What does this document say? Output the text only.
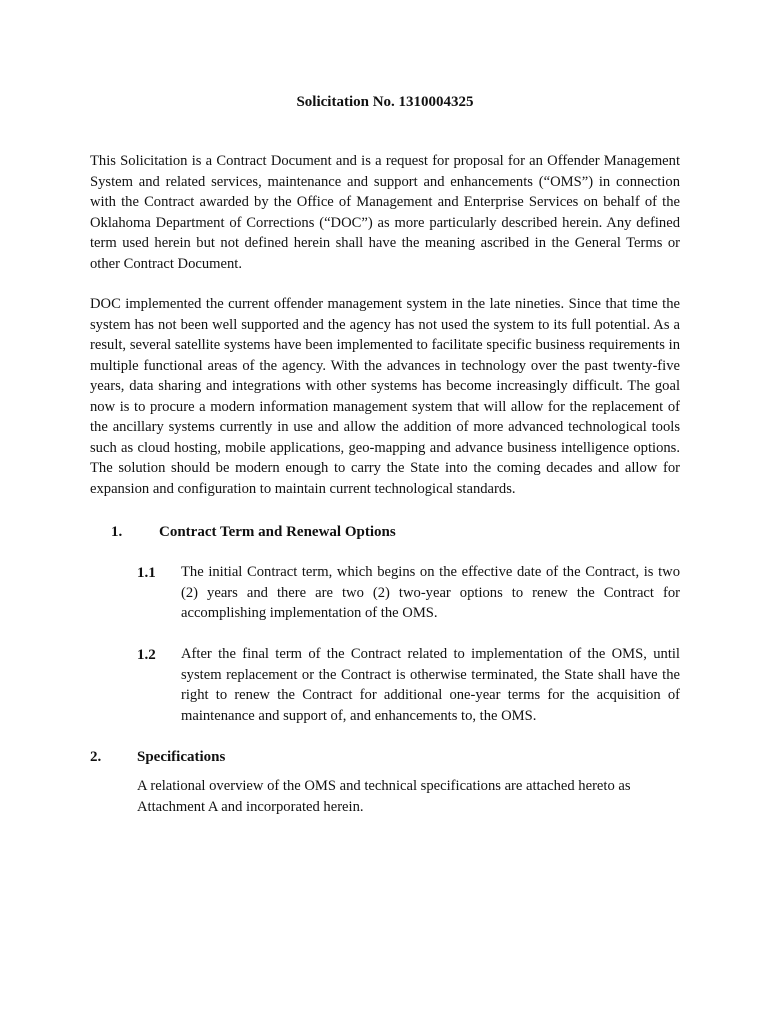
Solicitation No. 1310004325

This Solicitation is a Contract Document and is a request for proposal for an Offender Management System and related services, maintenance and support and enhancements (“OMS”) in connection with the Contract awarded by the Office of Management and Enterprise Services on behalf of the Oklahoma Department of Corrections (“DOC”) as more particularly described herein. Any defined term used herein but not defined herein shall have the meaning ascribed in the General Terms or other Contract Document.

DOC implemented the current offender management system in the late nineties. Since that time the system has not been well supported and the agency has not used the system to its full potential. As a result, several satellite systems have been implemented to facilitate specific business requirements in multiple functional areas of the agency. With the advances in technology over the past twenty-five years, data sharing and integrations with other systems has become increasingly difficult. The goal now is to procure a modern information management system that will allow for the replacement of the ancillary systems currently in use and allow the addition of more advanced technological tools such as cloud hosting, mobile applications, geo-mapping and advance business intelligence options. The solution should be modern enough to carry the State into the coming decades and allow for expansion and configuration to maintain current technological standards.

1. Contract Term and Renewal Options
1.1 The initial Contract term, which begins on the effective date of the Contract, is two (2) years and there are two (2) two-year options to renew the Contract for accomplishing implementation of the OMS.

1.2 After the final term of the Contract related to implementation of the OMS, until system replacement or the Contract is otherwise terminated, the State shall have the right to renew the Contract for additional one-year terms for the acquisition of maintenance and support of, and enhancements to, the OMS.

2. Specifications

A relational overview of the OMS and technical specifications are attached hereto as Attachment A and incorporated herein.
